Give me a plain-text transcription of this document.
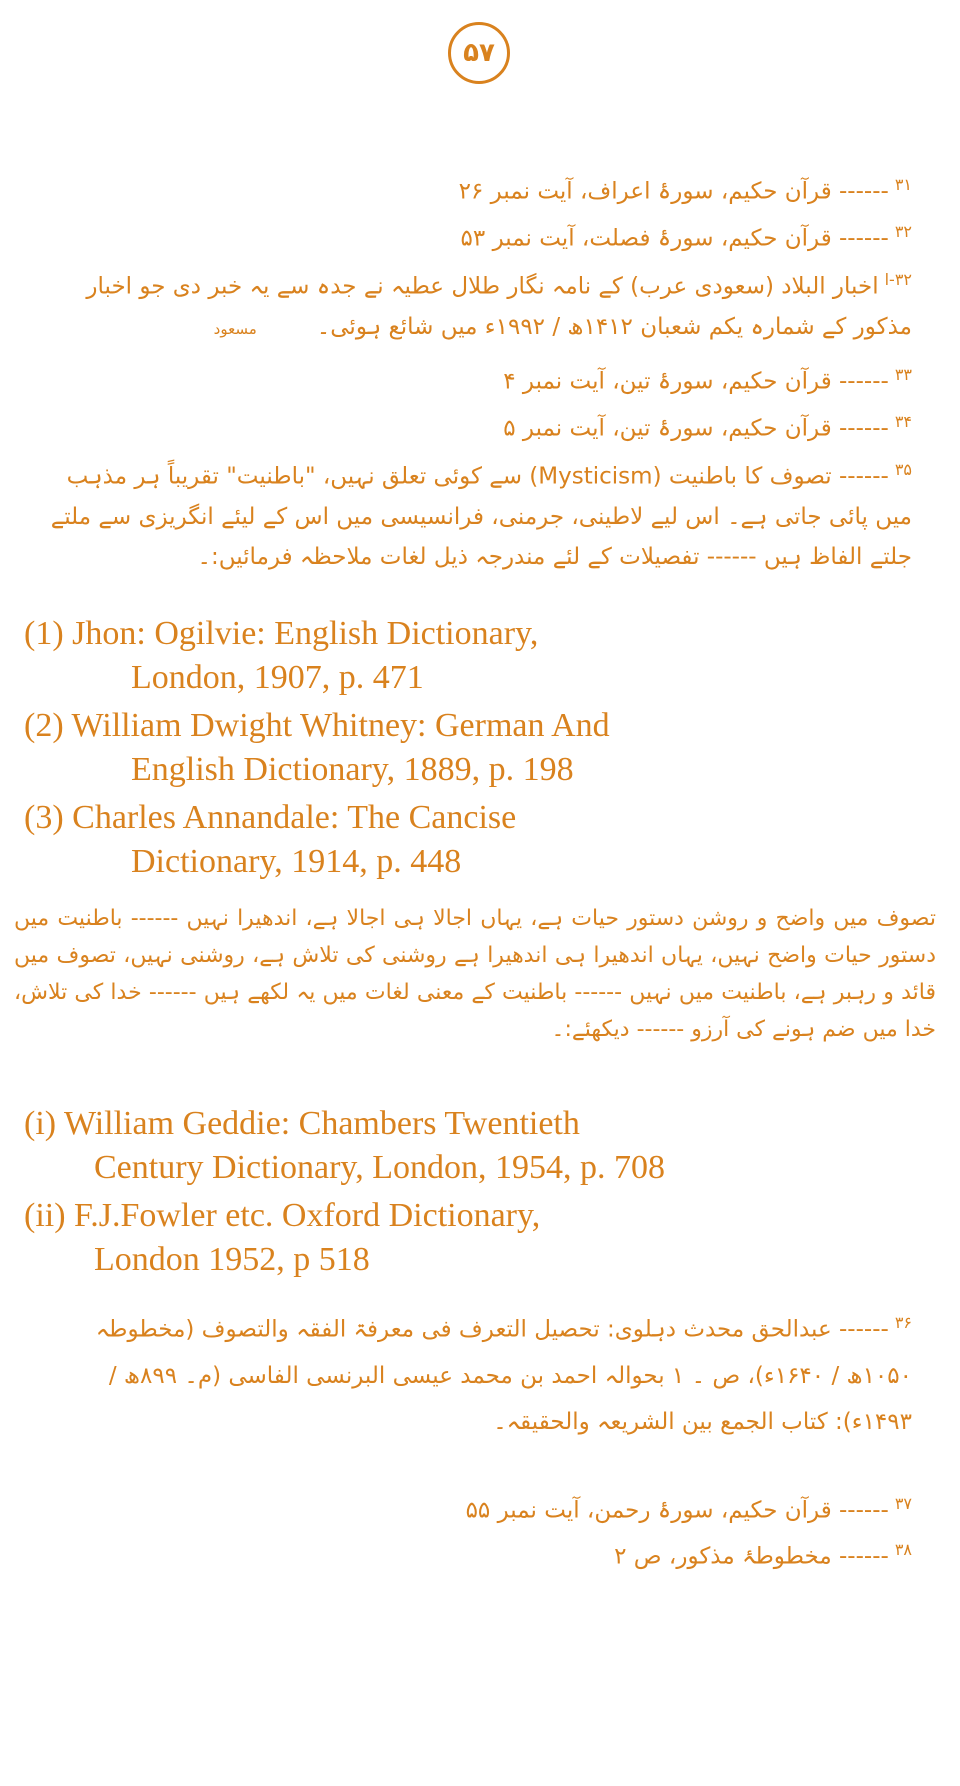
۵۷
$^{۳۱}$------ قرآن حکیم، سورۂ اعراف، آیت نمبر ۲۶
$^{۳۲}$------ قرآن حکیم، سورۂ فصلت، آیت نمبر ۵۳
$^{۳۲-ا}$اخبار البلاد (سعودی عرب) کے نامہ نگار طلال عطیہ نے جدہ سے یہ خبر دی جو اخبار مذکور کے شمارہ یکم شعبان ۱۴۱۲ھ / ۱۹۹۲ء میں شائع ہوئی۔مسعود
$^{۳۳}$------ قرآن حکیم، سورۂ تین، آیت نمبر ۴
$^{۳۴}$------ قرآن حکیم، سورۂ تین، آیت نمبر ۵
$^{۳۵}$------ تصوف کا باطنیت (Mysticism) سے کوئی تعلق نہیں، "باطنیت" تقریباً ہر مذہب میں پائی جاتی ہے۔ اس لیے لاطینی، جرمنی، فرانسیسی میں اس کے لیئے انگریزی سے ملتے جلتے الفاظ ہیں ------ تفصیلات کے لئے مندرجہ ذیل لغات ملاحظہ فرمائیں:۔
(1) Jhon: Ogilvie: English Dictionary,
London, 1907, p. 471
(2) William Dwight Whitney: German And
English Dictionary, 1889, p. 198
(3) Charles Annandale: The Cancise
Dictionary, 1914, p. 448
تصوف میں واضح و روشن دستور حیات ہے، یہاں اجالا ہی اجالا ہے، اندھیرا نہیں ------ باطنیت میں دستور حیات واضح نہیں، یہاں اندھیرا ہی اندھیرا ہے روشنی کی تلاش ہے، روشنی نہیں، تصوف میں قائد و رہبر ہے، باطنیت میں نہیں ------ باطنیت کے معنی لغات میں یہ لکھے ہیں ------ خدا کی تلاش، خدا میں ضم ہونے کی آرزو ------ دیکھئے:۔
(i) William Geddie: Chambers Twentieth
Century Dictionary, London, 1954, p. 708
(ii) F.J.Fowler etc. Oxford Dictionary,
London 1952, p 518
$^{۳۶}$------ عبدالحق محدث دہلوی: تحصیل التعرف فی معرفۃ الفقہ والتصوف (مخطوطہ ۱۰۵۰ھ / ۱۶۴۰ء)، ص ۔ ۱ بحوالہ احمد بن محمد عیسی البرنسی الفاسی (م۔ ۸۹۹ھ / ۱۴۹۳ء): کتاب الجمع بین الشریعہ والحقیقہ۔
$^{۳۷}$------ قرآن حکیم، سورۂ رحمن، آیت نمبر ۵۵
$^{۳۸}$------ مخطوطۂ مذکور، ص ۲
